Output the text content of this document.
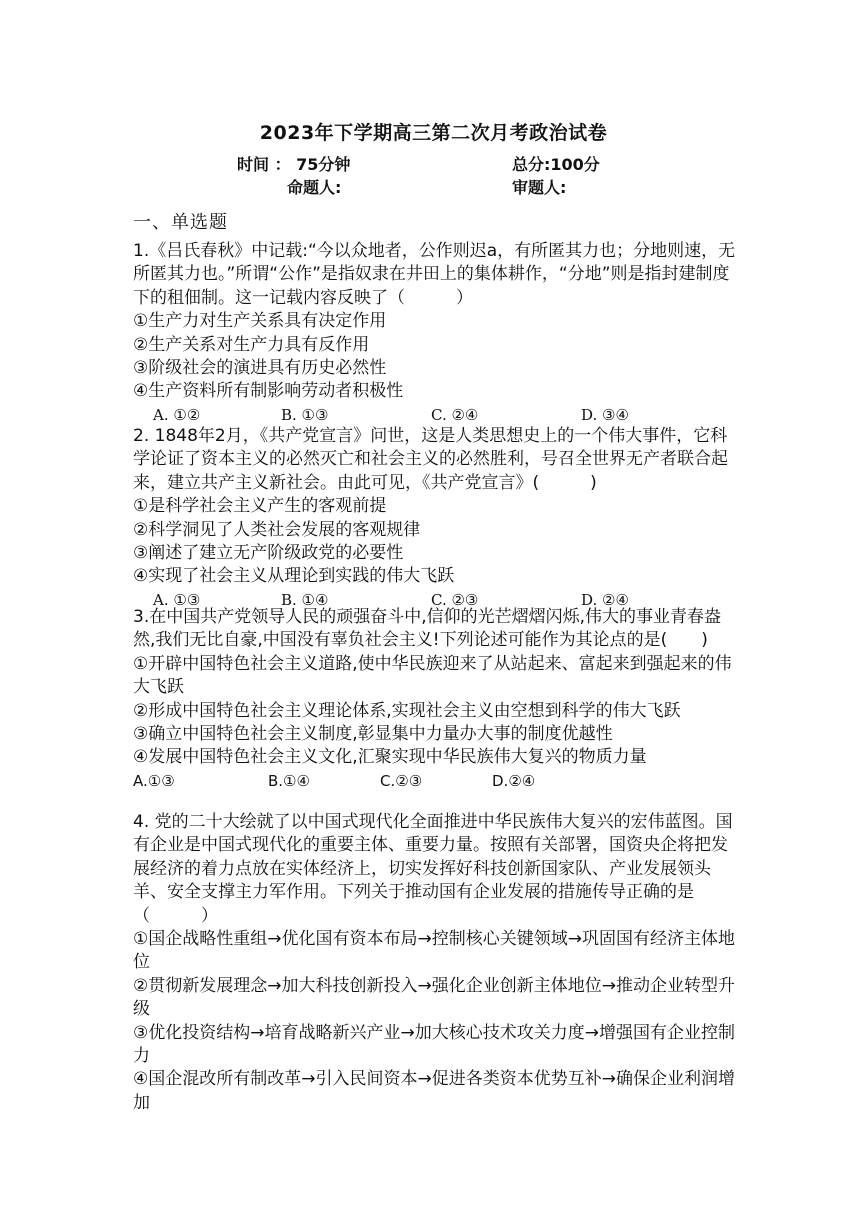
2023年下学期高三第二次月考政治试卷
时间 ： 75分钟	总分:100分
命题人:	审题人:
一、单选题

1.《吕氏春秋》中记载:“今以众地者，公作则迟a，有所匿其力也；分地则速，无所匿其力也。”所谓“公作”是指奴隶在井田上的集体耕作，“分地”则是指封建制度下的租佃制。这一记载内容反映了（　　　）

①生产力对生产关系具有决定作用

②生产关系对生产力具有反作用

③阶级社会的演进具有历史必然性

④生产资料所有制影响劳动者积极性

A. ①②	B. ①③	C. ②④	D. ③④

2. 1848年2月，《共产党宣言》问世，这是人类思想史上的一个伟大事件，它科学论证了资本主义的必然灭亡和社会主义的必然胜利，号召全世界无产者联合起来，建立共产主义新社会。由此可见，《共产党宣言》(　　　)

①是科学社会主义产生的客观前提

②科学洞见了人类社会发展的客观规律

③阐述了建立无产阶级政党的必要性

④实现了社会主义从理论到实践的伟大飞跃

A. ①③	B. ①④	C. ②③	D. ②④

3.在中国共产党领导人民的顽强奋斗中,信仰的光芒熠熠闪烁,伟大的事业青春盎然,我们无比自豪,中国没有辜负社会主义!下列论述可能作为其论点的是(　　)

①开辟中国特色社会主义道路,使中华民族迎来了从站起来、富起来到强起来的伟大飞跃

②形成中国特色社会主义理论体系,实现社会主义由空想到科学的伟大飞跃

③确立中国特色社会主义制度,彰显集中力量办大事的制度优越性

④发展中国特色社会主义文化,汇聚实现中华民族伟大复兴的物质力量

A.①③	B.①④	C.②③	D.②④

4. 党的二十大绘就了以中国式现代化全面推进中华民族伟大复兴的宏伟蓝图。国有企业是中国式现代化的重要主体、重要力量。按照有关部署，国资央企将把发展经济的着力点放在实体经济上，切实发挥好科技创新国家队、产业发展领头羊、安全支撑主力军作用。下列关于推动国有企业发展的措施传导正确的是（　　　）

①国企战略性重组→优化国有资本布局→控制核心关键领域→巩固国有经济主体地位

②贯彻新发展理念→加大科技创新投入→强化企业创新主体地位→推动企业转型升级

③优化投资结构→培育战略新兴产业→加大核心技术攻关力度→增强国有企业控制力

④国企混改所有制改革→引入民间资本→促进各类资本优势互补→确保企业利润增加
